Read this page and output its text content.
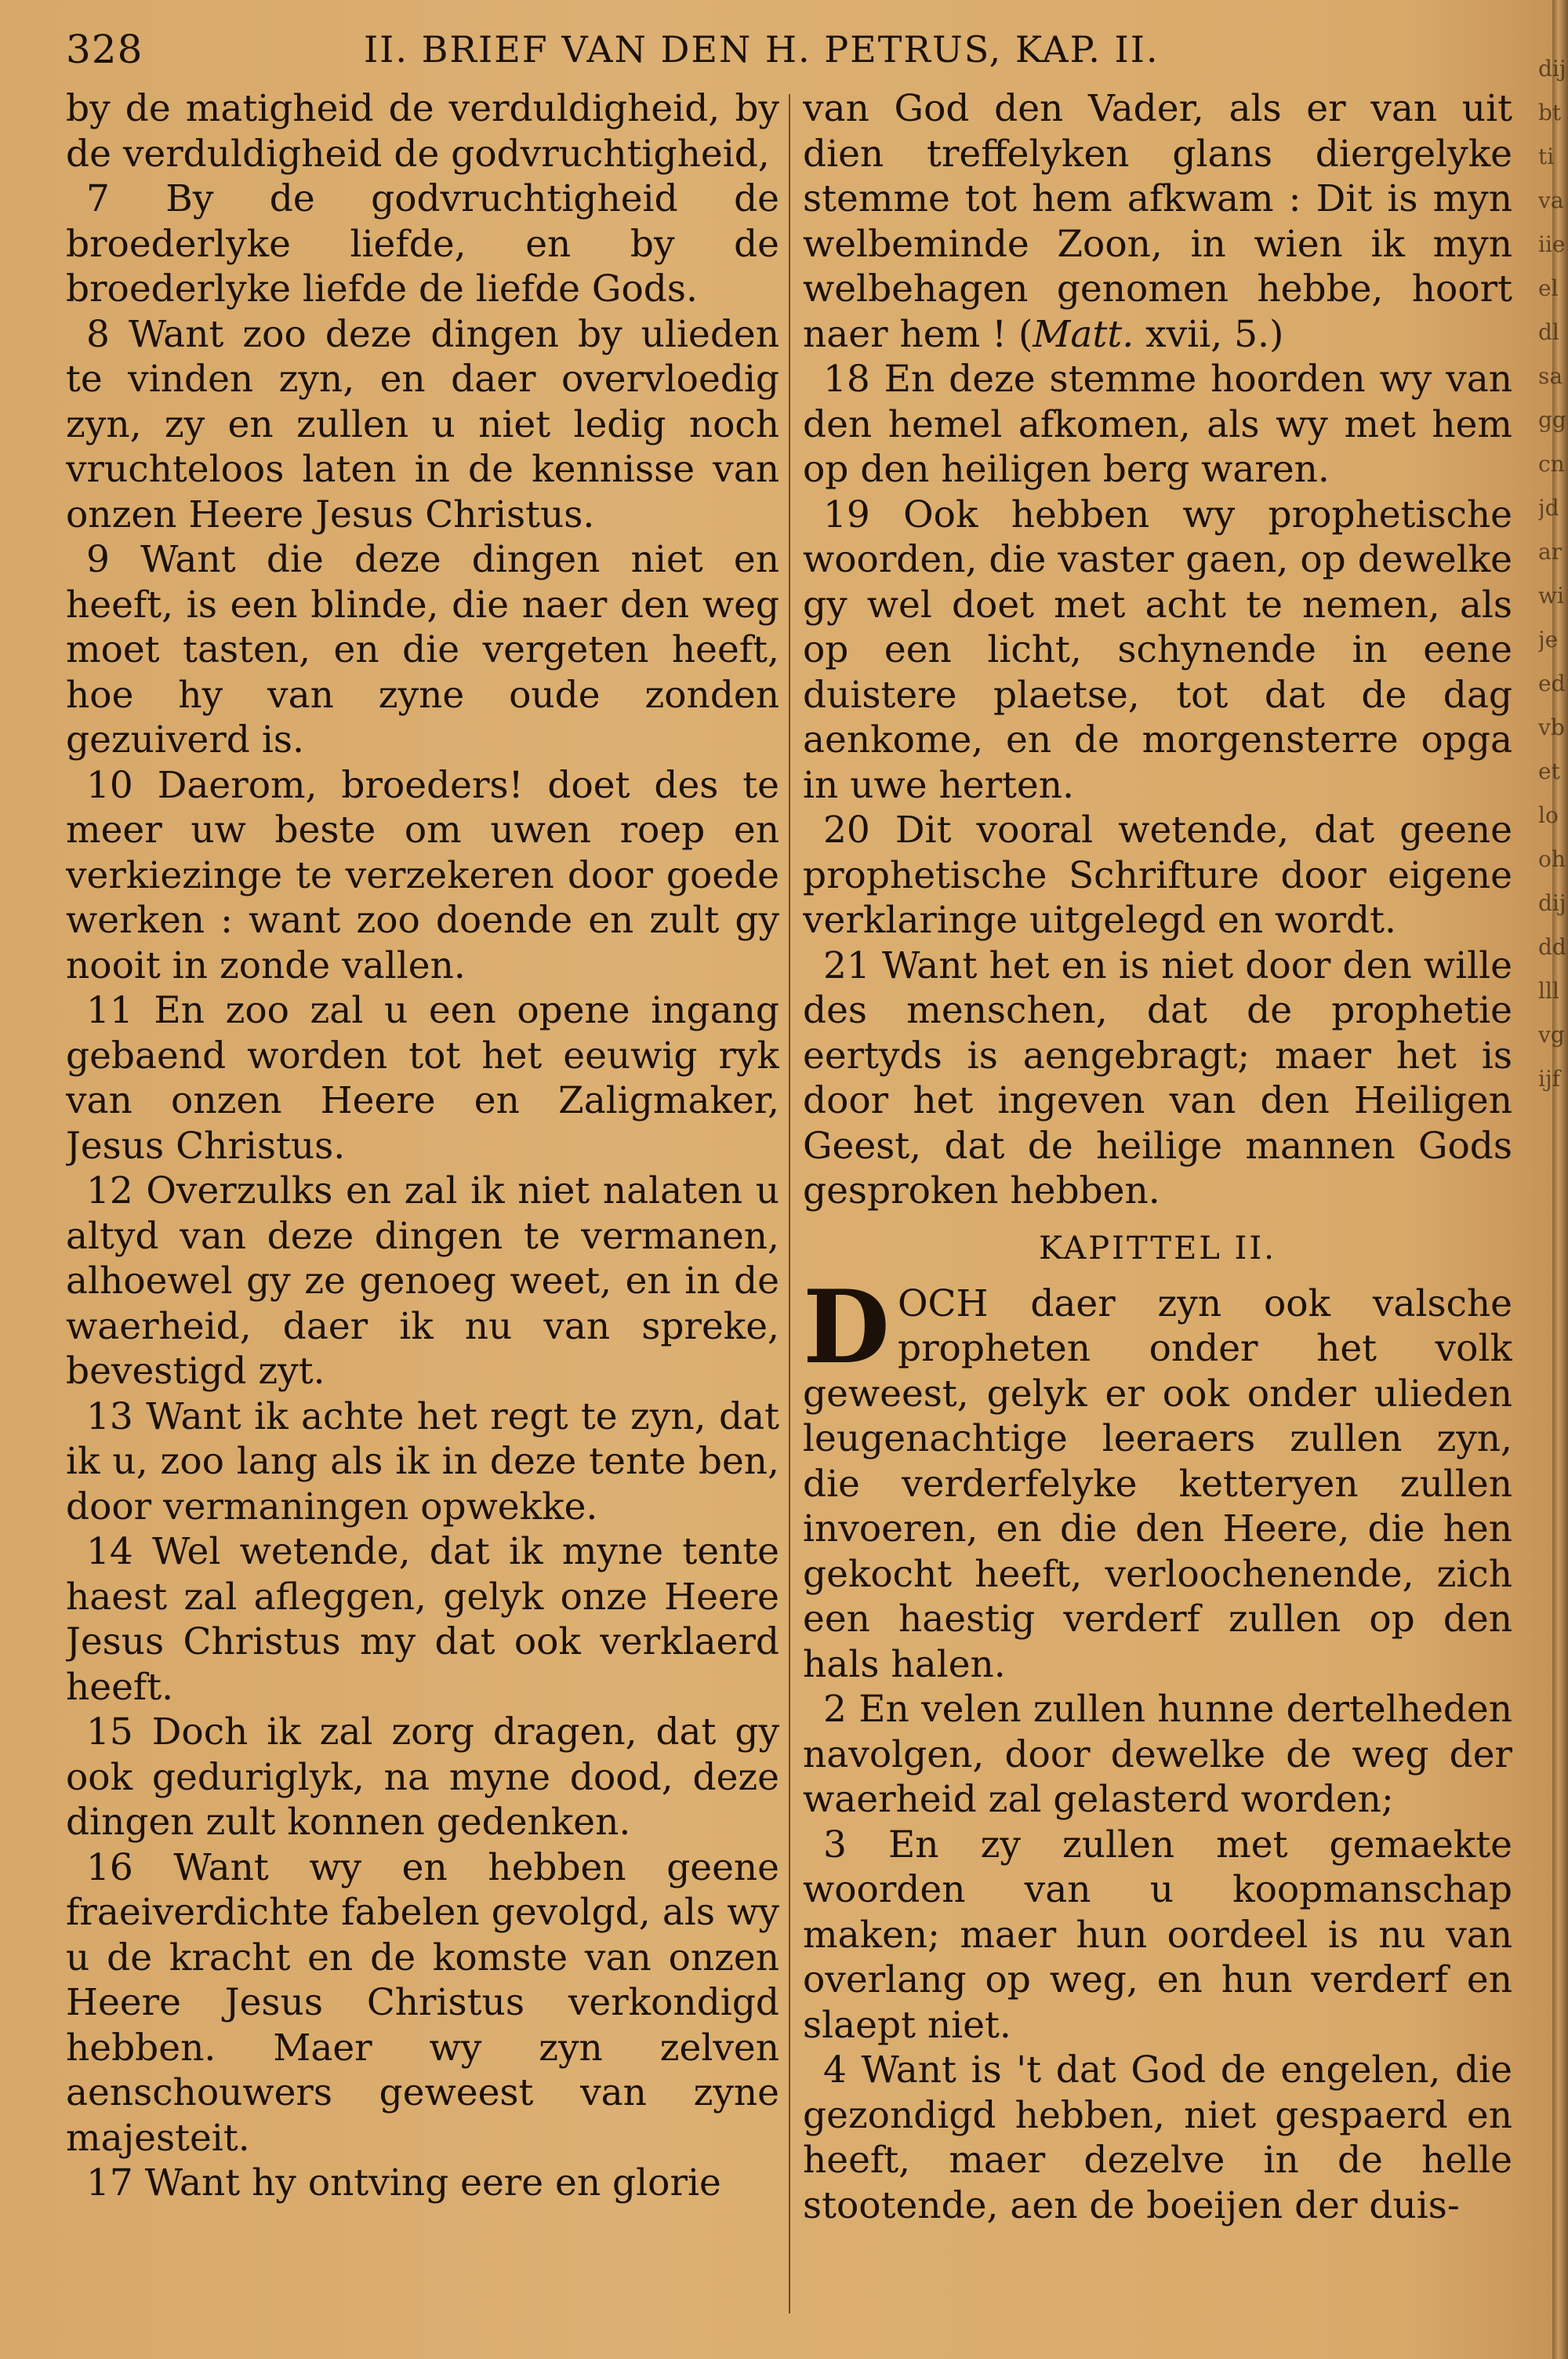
328	II. BRIEF VAN DEN H. PETRUS, KAP. II.

by de matigheid de verduldigheid, by de verduldigheid de godvruchtigheid,

7 By de godvruchtigheid de broederlyke liefde, en by de broederlyke liefde de liefde Gods.

8 Want zoo deze dingen by ulieden te vinden zyn, en daer overvloedig zyn, zy en zullen u niet ledig noch vruchteloos laten in de kennisse van onzen Heere Jesus Christus.

9 Want die deze dingen niet en heeft, is een blinde, die naer den weg moet tasten, en die vergeten heeft, hoe hy van zyne oude zonden gezuiverd is.

10 Daerom, broeders! doet des te meer uw beste om uwen roep en verkiezinge te verzekeren door goede werken : want zoo doende en zult gy nooit in zonde vallen.

11 En zoo zal u een opene ingang gebaend worden tot het eeuwig ryk van onzen Heere en Zaligmaker, Jesus Christus.

12 Overzulks en zal ik niet nalaten u altyd van deze dingen te vermanen, alhoewel gy ze genoeg weet, en in de waerheid, daer ik nu van spreke, bevestigd zyt.

13 Want ik achte het regt te zyn, dat ik u, zoo lang als ik in deze tente ben, door vermaningen opwekke.

14 Wel wetende, dat ik myne tente haest zal afleggen, gelyk onze Heere Jesus Christus my dat ook verklaerd heeft.

15 Doch ik zal zorg dragen, dat gy ook geduriglyk, na myne dood, deze dingen zult konnen gedenken.

16 Want wy en hebben geene fraeiverdichte fabelen gevolgd, als wy u de kracht en de komste van onzen Heere Jesus Christus verkondigd hebben. Maer wy zyn zelven aenschouwers geweest van zyne majesteit.

17 Want hy ontving eere en glorie

van God den Vader, als er van uit dien treffelyken glans diergelyke stemme tot hem afkwam : Dit is myn welbeminde Zoon, in wien ik myn welbehagen genomen hebbe, hoort naer hem ! (Matt. xvii, 5.)

18 En deze stemme hoorden wy van den hemel afkomen, als wy met hem op den heiligen berg waren.

19 Ook hebben wy prophetische woorden, die vaster gaen, op dewelke gy wel doet met acht te nemen, als op een licht, schynende in eene duistere plaetse, tot dat de dag aenkome, en de morgensterre opga in uwe herten.

20 Dit vooral wetende, dat geene prophetische Schrifture door eigene verklaringe uitgelegd en wordt.

21 Want het en is niet door den wille des menschen, dat de prophetie eertyds is aengebragt; maer het is door het ingeven van den Heiligen Geest, dat de heilige mannen Gods gesproken hebben.

KAPITTEL II.

DOCH daer zyn ook valsche propheten onder het volk geweest, gelyk er ook onder ulieden leugenachtige leeraers zullen zyn, die verderfelyke ketteryen zullen invoeren, en die den Heere, die hen gekocht heeft, verloochenende, zich een haestig verderf zullen op den hals halen.

2 En velen zullen hunne dertelheden navolgen, door dewelke de weg der waerheid zal gelasterd worden;

3 En zy zullen met gemaekte woorden van u koopmanschap maken; maer hun oordeel is nu van overlang op weg, en hun verderf en slaept niet.

4 Want is 't dat God de engelen, die gezondigd hebben, niet gespaerd en heeft, maer dezelve in de helle stootende, aen de boeijen der duis-

dijbttivaiieeldlsaggcnjdarwijeedvbetloohdijddlllvgijf
